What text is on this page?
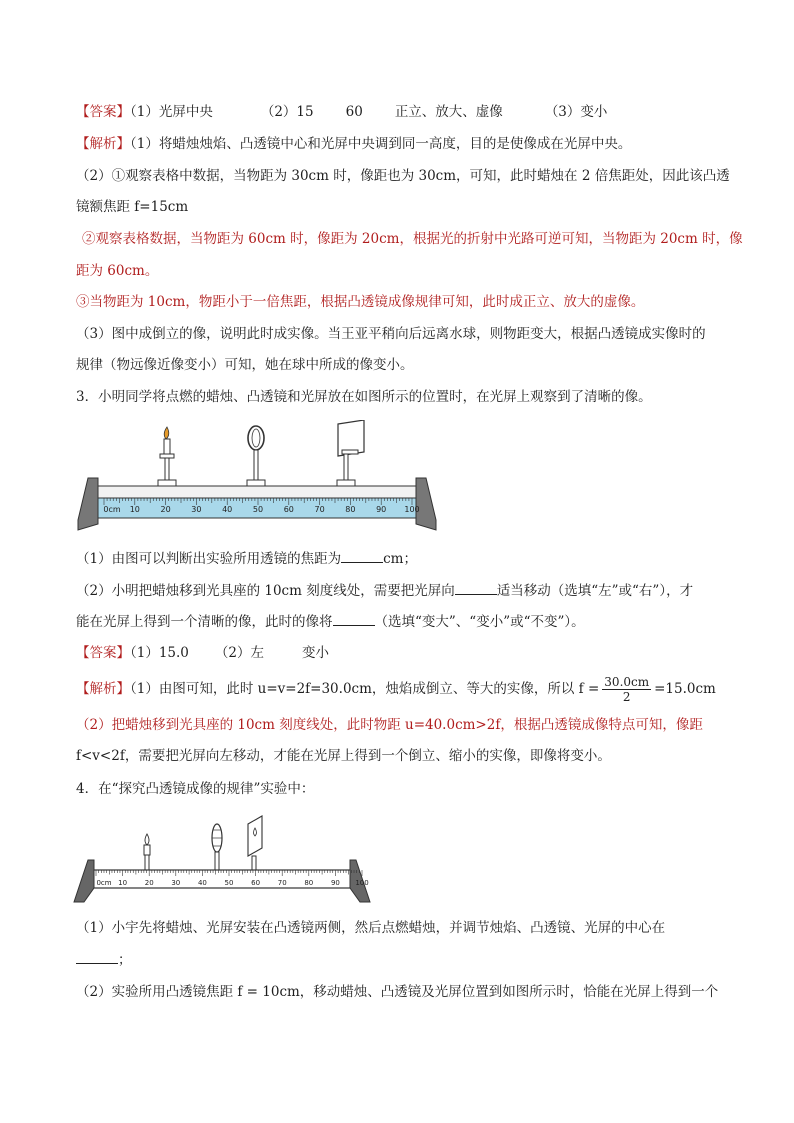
【答案】（1）光屏中央	（2）15 60 正立、放大、虚像	（3）变小
【解析】（1）将蜡烛烛焰、凸透镜中心和光屏中央调到同一高度，目的是使像成在光屏中央。
（2）①观察表格中数据，当物距为 30cm 时，像距也为 30cm，可知，此时蜡烛在 2 倍焦距处，因此该凸透
镜额焦距 f=15cm
②观察表格数据，当物距为 60cm 时，像距为 20cm，根据光的折射中光路可逆可知，当物距为 20cm 时，像
距为 60cm。
③当物距为 10cm，物距小于一倍焦距，根据凸透镜成像规律可知，此时成正立、放大的虚像。
（3）图中成倒立的像，说明此时成实像。当王亚平稍向后远离水球，则物距变大，根据凸透镜成实像时的
规律（物远像近像变小）可知，她在球中所成的像变小。
3．小明同学将点燃的蜡烛、凸透镜和光屏放在如图所示的位置时，在光屏上观察到了清晰的像。
0cm 10	20	30	40	50	60	70	80	90 100
（1）由图可以判断出实验所用透镜的焦距为	cm；
（2）小明把蜡烛移到光具座的 10cm 刻度线处，需要把光屏向	适当移动（选填“左”或“右”），才
能在光屏上得到一个清晰的像，此时的像将	（选填“变大”、“变小”或“不变”）。
【答案】（1）15.0 （2）左	变小
【解析】（1）由图可知，此时 u=v=2f=30.0cm，烛焰成倒立、等大的实像，所以 $f = \frac{30.0cm}{2} =15.0cm$
（2）把蜡烛移到光具座的 10cm 刻度线处，此时物距 u=40.0cm>2f，根据凸透镜成像特点可知，像距
f<v<2f，需要把光屏向左移动，才能在光屏上得到一个倒立、缩小的实像，即像将变小。
4．在“探究凸透镜成像的规律”实验中：
0cm 10	20	30	40	50	60	70	80	90 100
（1）小宇先将蜡烛、光屏安装在凸透镜两侧，然后点燃蜡烛，并调节烛焰、凸透镜、光屏的中心在
；
（2）实验所用凸透镜焦距 f = 10cm，移动蜡烛、凸透镜及光屏位置到如图所示时，恰能在光屏上得到一个
